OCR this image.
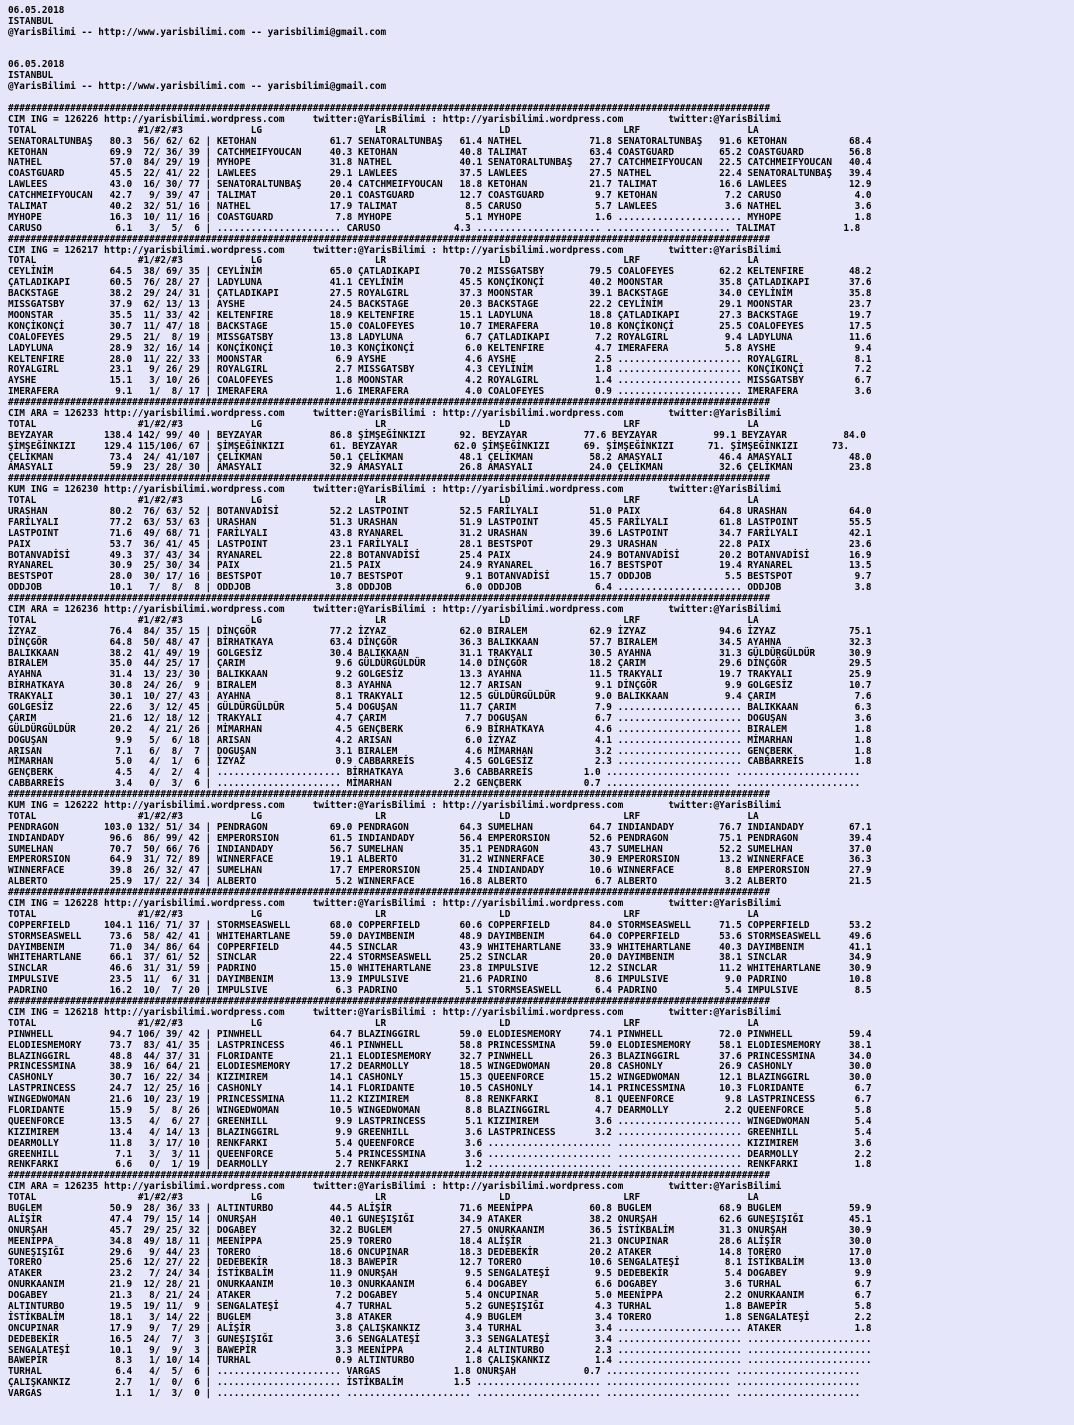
06.05.2018
ISTANBUL
@YarisBilimi -- http://www.yarisbilimi.com -- yarisbilimi@gmail.com
06.05.2018
ISTANBUL
@YarisBilimi -- http://www.yarisbilimi.com -- yarisbilimi@gmail.com
#######################################################################################################################################
CIM ING = 126226 http://yarisbilimi.wordpress.com     twitter:@YarisBilimi : http://yarisbilimi.wordpress.com        twitter:@YarisBilimi
TOTAL                  #1/#2/#3            LG                    LR                    LD                    LRF                   LA
SENATORALTUNBAŞ   80.3  56/ 62/ 62 | KETOHAN             61.7 SENATORALTUNBAŞ   61.4 NATHEL            71.8 SENATORALTUNBAŞ   91.6 KETOHAN           68.4
KETOHAN           69.9  72/ 36/ 39 | CATCHMEIFYOUCAN     40.3 KETOHAN           40.8 TALIMAT           63.4 COASTGUARD        65.2 COASTGUARD        56.8
NATHEL            57.0  84/ 29/ 19 | MYHOPE              31.8 NATHEL            40.1 SENATORALTUNBAŞ   27.7 CATCHMEIFYOUCAN   22.5 CATCHMEIFYOUCAN   40.4
COASTGUARD        45.5  22/ 41/ 22 | LAWLEES             29.1 LAWLEES           37.5 LAWLEES           27.5 NATHEL            22.4 SENATORALTUNBAŞ   39.4
LAWLEES           43.0  16/ 30/ 77 | SENATORALTUNBAŞ     20.4 CATCHMEIFYOUCAN   18.8 KETOHAN           21.7 TALIMAT           16.6 LAWLEES           12.9
CATCHMEIFYOUCAN   42.7   9/ 39/ 47 | TALIMAT             20.1 COASTGUARD        12.7 COASTGUARD         9.7 KETOHAN            7.2 CARUSO             4.0
TALIMAT           40.2  32/ 51/ 16 | NATHEL              17.9 TALIMAT            8.5 CARUSO             5.7 LAWLEES            3.6 NATHEL             3.6
MYHOPE            16.3  10/ 11/ 16 | COASTGUARD           7.8 MYHOPE             5.1 MYHOPE             1.6 ...................... MYHOPE             1.8
CARUSO             6.1   3/  5/  6 | ...................... CARUSO             4.3 ...................... ...................... TALIMAT            1.8
#######################################################################################################################################
CIM ING = 126217 http://yarisbilimi.wordpress.com     twitter:@YarisBilimi : http://yarisbilimi.wordpress.com        twitter:@YarisBilimi
TOTAL                  #1/#2/#3            LG                    LR                    LD                    LRF                   LA
CEYLİNİM          64.5  38/ 69/ 35 | CEYLİNİM            65.0 ÇATLADIKAPI       70.2 MISSGATSBY        79.5 COALOFEYES        62.2 KELTENFIRE        48.2
ÇATLADIKAPI       60.5  76/ 28/ 27 | LADYLUNA            41.1 CEYLİNİM          45.5 KONÇİKONÇİ        40.2 MOONSTAR          35.8 ÇATLADIKAPI       37.6
BACKSTAGE         38.2  29/ 24/ 31 | ÇATLADIKAPI         27.5 ROYALGIRL         37.3 MOONSTAR          39.1 BACKSTAGE         34.0 CEYLİNİM          35.8
MISSGATSBY        37.9  62/ 13/ 13 | AYSHE               24.5 BACKSTAGE         20.3 BACKSTAGE         22.2 CEYLİNİM          29.1 MOONSTAR          23.7
MOONSTAR          35.5  11/ 33/ 42 | KELTENFIRE          18.9 KELTENFIRE        15.1 LADYLUNA          18.8 ÇATLADIKAPI       27.3 BACKSTAGE         19.7
KONÇİKONÇİ        30.7  11/ 47/ 18 | BACKSTAGE           15.0 COALOFEYES        10.7 IMERAFERA         10.8 KONÇİKONÇİ        25.5 COALOFEYES        17.5
COALOFEYES        29.5  21/  8/ 19 | MISSGATSBY          13.8 LADYLUNA           6.7 ÇATLADIKAPI        7.2 ROYALGIRL          9.4 LADYLUNA          11.6
LADYLUNA          28.9  32/ 16/ 14 | KONÇİKONÇİ          10.3 KONÇİKONÇİ         6.0 KELTENFIRE         4.7 IMERAFERA          5.8 AYSHE              9.4
KELTENFIRE        28.0  11/ 22/ 33 | MOONSTAR             6.9 AYSHE              4.6 AYSHE              2.5 ...................... ROYALGIRL          8.1
ROYALGIRL         23.1   9/ 26/ 29 | ROYALGIRL            2.7 MISSGATSBY         4.3 CEYLİNİM           1.8 ...................... KONÇİKONÇİ         7.2
AYSHE             15.1   3/ 10/ 26 | COALOFEYES           1.8 MOONSTAR           4.2 ROYALGIRL          1.4 ...................... MISSGATSBY         6.7
IMERAFERA          9.1   1/  8/ 17 | IMERAFERA            1.6 IMERAFERA          4.0 COALOFEYES         0.9 ...................... IMERAFERA          3.6
#######################################################################################################################################
CIM ARA = 126233 http://yarisbilimi.wordpress.com     twitter:@YarisBilimi : http://yarisbilimi.wordpress.com        twitter:@YarisBilimi
TOTAL                  #1/#2/#3            LG                    LR                    LD                    LRF                   LA
BEYZAYAR         138.4 142/ 99/ 40 | BEYZAYAR            86.8 ŞİMŞEĞİNKIZI      92. BEYZAYAR          77.6 BEYZAYAR          99.1 BEYZAYAR          84.0
ŞİMŞEĞİNKIZI     129.4 115/106/ 67 | ŞİMŞEĞİNKIZI        61. BEYZAYAR          62.0 ŞİMŞEĞİNKIZI      69. ŞİMŞEĞİNKIZI      71. ŞİMŞEĞİNKIZI      73.
ÇELİKMAN          73.4  24/ 41/107 | ÇELİKMAN            50.1 ÇELİKMAN          48.1 ÇELİKMAN          58.2 AMASYALI          46.4 AMASYALI          48.0
AMASYALI          59.9  23/ 28/ 30 | AMASYALI            32.9 AMASYALI          26.8 AMASYALI          24.0 ÇELİKMAN          32.6 ÇELİKMAN          23.8
#######################################################################################################################################
KUM ING = 126230 http://yarisbilimi.wordpress.com     twitter:@YarisBilimi : http://yarisbilimi.wordpress.com        twitter:@YarisBilimi
TOTAL                  #1/#2/#3            LG                    LR                    LD                    LRF                   LA
URASHAN           80.2  76/ 63/ 52 | BOTANVADİSİ         52.2 LASTPOINT         52.5 FARİLYALI         51.0 PAIX              64.8 URASHAN           64.0
FARİLYALI         77.2  63/ 53/ 63 | URASHAN             51.3 URASHAN           51.9 LASTPOINT         45.5 FARİLYALI         61.8 LASTPOINT         55.5
LASTPOINT         71.6  49/ 68/ 71 | FARİLYALI           43.8 RYANAREL          31.2 URASHAN           39.6 LASTPOINT         34.7 FARİLYALI         42.1
PAIX              53.7  36/ 41/ 45 | LASTPOINT           23.1 FARİLYALI         28.1 BESTSPOT          29.3 URASHAN           22.8 PAIX              23.6
BOTANVADİSİ       49.3  37/ 43/ 34 | RYANAREL            22.8 BOTANVADİSİ       25.4 PAIX              24.9 BOTANVADİSİ       20.2 BOTANVADİSİ       16.9
RYANAREL          30.9  25/ 30/ 34 | PAIX                21.5 PAIX              24.9 RYANAREL          16.7 BESTSPOT          19.4 RYANAREL          13.5
BESTSPOT          28.0  30/ 17/ 16 | BESTSPOT            10.7 BESTSPOT           9.1 BOTANVADİSİ       15.7 ODDJOB             5.5 BESTSPOT           9.7
ODDJOB            10.1   7/  8/  8 | ODDJOB               3.8 ODDJOB             6.0 ODDJOB             6.4 ...................... ODDJOB             3.8
#######################################################################################################################################
CIM ARA = 126236 http://yarisbilimi.wordpress.com     twitter:@YarisBilimi : http://yarisbilimi.wordpress.com        twitter:@YarisBilimi
TOTAL                  #1/#2/#3            LG                    LR                    LD                    LRF                   LA
İZYAZ             76.4  84/ 35/ 15 | DİNÇGÖR             77.2 İZYAZ             62.0 BIRALEM           62.9 İZYAZ             94.6 İZYAZ             75.1
DİNÇGÖR           64.8  50/ 48/ 47 | BİRHATKAYA          63.4 DİNÇGÖR           36.3 BALIKKAAN         57.7 BIRALEM           34.5 AYAHNA            32.3
BALIKKAAN         38.2  41/ 49/ 19 | GOLGESİZ            30.4 BALIKKAAN         31.1 TRAKYALI          30.5 AYAHNA            31.3 GÜLDÜRGÜLDÜR      30.9
BIRALEM           35.0  44/ 25/ 17 | ÇARIM                9.6 GÜLDÜRGÜLDÜR      14.0 DİNÇGÖR           18.2 ÇARIM             29.6 DİNÇGÖR           29.5
AYAHNA            31.4  13/ 23/ 30 | BALIKKAAN            9.2 GOLGESİZ          13.3 AYAHNA            11.5 TRAKYALI          19.7 TRAKYALI          25.9
BİRHATKAYA        30.8  24/ 26/  9 | BIRALEM              8.3 AYAHNA            12.7 ARISAN             9.1 DİNÇGÖR            9.9 GOLGESİZ          10.7
TRAKYALI          30.1  10/ 27/ 43 | AYAHNA               8.1 TRAKYALI          12.5 GÜLDÜRGÜLDÜR       9.0 BALIKKAAN          9.4 ÇARIM              7.6
GOLGESİZ          22.6   3/ 12/ 45 | GÜLDÜRGÜLDÜR         5.4 DOGUŞAN           11.7 ÇARIM              7.9 ...................... BALIKKAAN          6.3
ÇARIM             21.6  12/ 18/ 12 | TRAKYALI             4.7 ÇARIM              7.7 DOGUŞAN            6.7 ...................... DOGUŞAN            3.6
GÜLDÜRGÜLDÜR      20.2   4/ 21/ 26 | MİMARHAN             4.5 GENÇBERK           6.9 BİRHATKAYA         4.6 ...................... BIRALEM            1.8
DOGUŞAN            9.9   5/  6/ 18 | ARISAN               4.2 ARISAN             6.0 İZYAZ              4.1 ...................... MİMARHAN           1.8
ARISAN             7.1   6/  8/  7 | DOGUŞAN              3.1 BIRALEM            4.6 MİMARHAN           3.2 ...................... GENÇBERK           1.8
MİMARHAN           5.0   4/  1/  6 | İZYAZ                0.9 CABBARREİS         4.5 GOLGESİZ           2.3 ...................... CABBARREİS         1.8
GENÇBERK           4.5   4/  2/  4 | ...................... BİRHATKAYA         3.6 CABBARREİS         1.0 ...................... ......................
CABBARREİS         3.4   0/  3/  6 | ...................... MİMARHAN           2.2 GENÇBERK           0.7 ...................... ......................
#######################################################################################################################################
KUM ING = 126222 http://yarisbilimi.wordpress.com     twitter:@YarisBilimi : http://yarisbilimi.wordpress.com        twitter:@YarisBilimi
TOTAL                  #1/#2/#3            LG                    LR                    LD                    LRF                   LA
PENDRAGON        103.0 132/ 51/ 34 | PENDRAGON           69.0 PENDRAGON         64.3 SUMELHAN          64.7 INDIANDADY        76.7 INDIANDADY        67.1
INDIANDADY        96.6  86/ 99/ 42 | EMPERORSION         61.5 INDIANDADY        56.4 EMPERORSION       52.6 PENDRAGON         75.1 PENDRAGON         39.4
SUMELHAN          70.7  50/ 66/ 76 | INDIANDADY          56.7 SUMELHAN          35.1 PENDRAGON         43.7 SUMELHAN          52.2 SUMELHAN          37.0
EMPERORSION       64.9  31/ 72/ 89 | WINNERFACE          19.1 ALBERTO           31.2 WINNERFACE        30.9 EMPERORSION       13.2 WINNERFACE        36.3
WINNERFACE        39.8  26/ 32/ 47 | SUMELHAN            17.7 EMPERORSION       25.4 INDIANDADY        10.6 WINNERFACE         8.8 EMPERORSION       27.9
ALBERTO           25.9  17/ 22/ 34 | ALBERTO              5.2 WINNERFACE        16.8 ALBERTO            6.7 ALBERTO            3.2 ALBERTO           21.5
#######################################################################################################################################
CIM ING = 126228 http://yarisbilimi.wordpress.com     twitter:@YarisBilimi : http://yarisbilimi.wordpress.com        twitter:@YarisBilimi
TOTAL                  #1/#2/#3            LG                    LR                    LD                    LRF                   LA
COPPERFIELD      104.1 116/ 71/ 37 | STORMSEASWELL       68.0 COPPERFIELD       60.6 COPPERFIELD       84.0 STORMSEASWELL     71.5 COPPERFIELD       53.2
STORMSEASWELL     73.6  58/ 42/ 41 | WHITEHARTLANE       59.0 DAYIMBENIM        48.9 DAYIMBENIM        64.0 COPPERFIELD       53.6 STORMSEASWELL     49.6
DAYIMBENIM        71.0  34/ 86/ 64 | COPPERFIELD         44.5 SINCLAR           43.9 WHITEHARTLANE     33.9 WHITEHARTLANE     40.3 DAYIMBENIM        41.1
WHITEHARTLANE     66.1  37/ 61/ 52 | SINCLAR             22.4 STORMSEASWELL     25.2 SINCLAR           20.0 DAYIMBENIM        38.1 SINCLAR           34.9
SINCLAR           46.6  31/ 31/ 59 | PADRINO             15.0 WHITEHARTLANE     23.8 IMPULSIVE         12.2 SINCLAR           11.2 WHITEHARTLANE     30.9
IMPULSIVE         23.5  11/  6/ 31 | DAYIMBENIM          13.9 IMPULSIVE         21.6 PADRINO            8.6 IMPULSIVE          9.0 PADRINO           10.8
PADRINO           16.2  10/  7/ 20 | IMPULSIVE            6.3 PADRINO            5.1 STORMSEASWELL      6.4 PADRINO            5.4 IMPULSIVE          8.5
#######################################################################################################################################
CIM ING = 126218 http://yarisbilimi.wordpress.com     twitter:@YarisBilimi : http://yarisbilimi.wordpress.com        twitter:@YarisBilimi
TOTAL                  #1/#2/#3            LG                    LR                    LD                    LRF                   LA
PINWHELL          94.7 106/ 39/ 42 | PINWHELL            64.7 BLAZINGGIRL       59.0 ELODIESMEMORY     74.1 PINWHELL          72.0 PINWHELL          59.4
ELODIESMEMORY     73.7  83/ 41/ 35 | LASTPRINCESS        46.1 PINWHELL          58.8 PRINCESSMINA      59.0 ELODIESMEMORY     58.1 ELODIESMEMORY     38.1
BLAZINGGIRL       48.8  44/ 37/ 31 | FLORIDANTE          21.1 ELODIESMEMORY     32.7 PINWHELL          26.3 BLAZINGGIRL       37.6 PRINCESSMINA      34.0
PRINCESSMINA      38.9  16/ 64/ 21 | ELODIESMEMORY       17.2 DEARMOLLY         18.5 WINGEDWOMAN       20.8 CASHONLY          26.9 CASHONLY          30.0
CASHONLY          30.7  16/ 22/ 34 | KIZIMIREM           14.1 CASHONLY          15.3 QUEENFORCE        15.2 WINGEDWOMAN       12.1 BLAZINGGIRL       30.0
LASTPRINCESS      24.7  12/ 25/ 16 | CASHONLY            14.1 FLORIDANTE        10.5 CASHONLY          14.1 PRINCESSMINA      10.3 FLORIDANTE         6.7
WINGEDWOMAN       21.6  10/ 23/ 19 | PRINCESSMINA        11.2 KIZIMIREM          8.8 RENKFARKI          8.1 QUEENFORCE         9.8 LASTPRINCESS       6.7
FLORIDANTE        15.9   5/  8/ 26 | WINGEDWOMAN         10.5 WINGEDWOMAN        8.8 BLAZINGGIRL        4.7 DEARMOLLY          2.2 QUEENFORCE         5.8
QUEENFORCE        13.5   4/  6/ 27 | GREENHILL            9.9 LASTPRINCESS       5.1 KIZIMIREM          3.6 ...................... WINGEDWOMAN        5.4
KIZIMIREM         13.4   4/ 14/ 13 | BLAZINGGIRL          9.9 GREENHILL          3.6 LASTPRINCESS       3.2 ...................... GREENHILL          5.4
DEARMOLLY         11.8   3/ 17/ 10 | RENKFARKI            5.4 QUEENFORCE         3.6 ...................... ...................... KIZIMIREM          3.6
GREENHILL          7.1   3/  3/ 11 | QUEENFORCE           5.4 PRINCESSMINA       3.6 ...................... ...................... DEARMOLLY          2.2
RENKFARKI          6.6   0/  1/ 19 | DEARMOLLY            2.7 RENKFARKI          1.2 ...................... ...................... RENKFARKI          1.8
#######################################################################################################################################
CIM ARA = 126235 http://yarisbilimi.wordpress.com     twitter:@YarisBilimi : http://yarisbilimi.wordpress.com        twitter:@YarisBilimi
TOTAL                  #1/#2/#3            LG                    LR                    LD                    LRF                   LA
BUGLEM            50.9  28/ 36/ 33 | ALTINTURBO          44.5 ALİŞİR            71.6 MEENİPPA          60.8 BUGLEM            68.9 BUGLEM            59.9
ALİŞİR            47.4  79/ 15/ 14 | ONURŞAH             40.1 GUNEŞIŞIĞI        34.9 ATAKER            38.2 ONURŞAH           62.6 GUNEŞIŞIĞI        45.1
ONURŞAH           45.7  29/ 25/ 32 | DOGABEY             32.2 BUGLEM            27.5 ONURKAANIM        36.5 İSTİKBALİM        31.3 ONURŞAH           30.9
MEENİPPA          34.8  49/ 18/ 11 | MEENİPPA            25.9 TORERO            18.4 ALİŞİR            21.3 ONCUPINAR         28.6 ALİŞİR            30.0
GUNEŞIŞIĞI        29.6   9/ 44/ 23 | TORERO              18.6 ONCUPINAR         18.3 DEDEBEKİR         20.2 ATAKER            14.8 TORERO            17.0
TORERO            25.6  12/ 27/ 22 | DEDEBEKİR           18.3 BAWEPİR           12.7 TORERO            10.6 SENGALATEŞİ        8.1 İSTİKBALİM        13.0
ATAKER            23.2   7/ 24/ 34 | İSTİKBALİM          11.9 ONURŞAH            9.5 SENGALATEŞİ        9.5 DEDEBEKİR          5.4 DOGABEY            9.9
ONURKAANIM        21.9  12/ 28/ 21 | ONURKAANIM          10.3 ONURKAANIM         6.4 DOGABEY            6.6 DOGABEY            3.6 TURHAL             6.7
DOGABEY           21.3   8/ 21/ 24 | ATAKER               7.2 DOGABEY            5.4 ONCUPINAR          5.0 MEENİPPA           2.2 ONURKAANIM         6.7
ALTINTURBO        19.5  19/ 11/  9 | SENGALATEŞİ          4.7 TURHAL             5.2 GUNEŞIŞIĞI         4.3 TURHAL             1.8 BAWEPİR            5.8
İSTİKBALİM        18.1   3/ 14/ 22 | BUGLEM               3.8 ATAKER             4.9 BUGLEM             3.4 TORERO             1.8 SENGALATEŞİ        2.2
ONCUPINAR         17.9   9/  7/ 29 | ALİŞİR               3.8 ÇALIŞKANKIZ        3.4 TURHAL             3.4 ...................... ATAKER             1.8
DEDEBEKİR         16.5  24/  7/  3 | GUNEŞIŞIĞI           3.6 SENGALATEŞİ        3.3 SENGALATEŞİ        3.4 ...................... ......................
SENGALATEŞİ       10.1   9/  9/  3 | BAWEPİR              3.3 MEENİPPA           2.4 ALTINTURBO         2.3 ...................... ......................
BAWEPİR            8.3   1/ 10/ 14 | TURHAL               0.9 ALTINTURBO         1.8 ÇALIŞKANKIZ        1.4 ...................... ......................
TURHAL             6.4   4/  5/  6 | ...................... VARGAS             1.8 ONURŞAH            0.7 ...................... ......................
ÇALIŞKANKIZ        2.7   1/  0/  6 | ...................... İSTİKBALİM         1.5 ...................... ...................... ......................
VARGAS             1.1   1/  3/  0 | ...................... ...................... ...................... ...................... ......................
